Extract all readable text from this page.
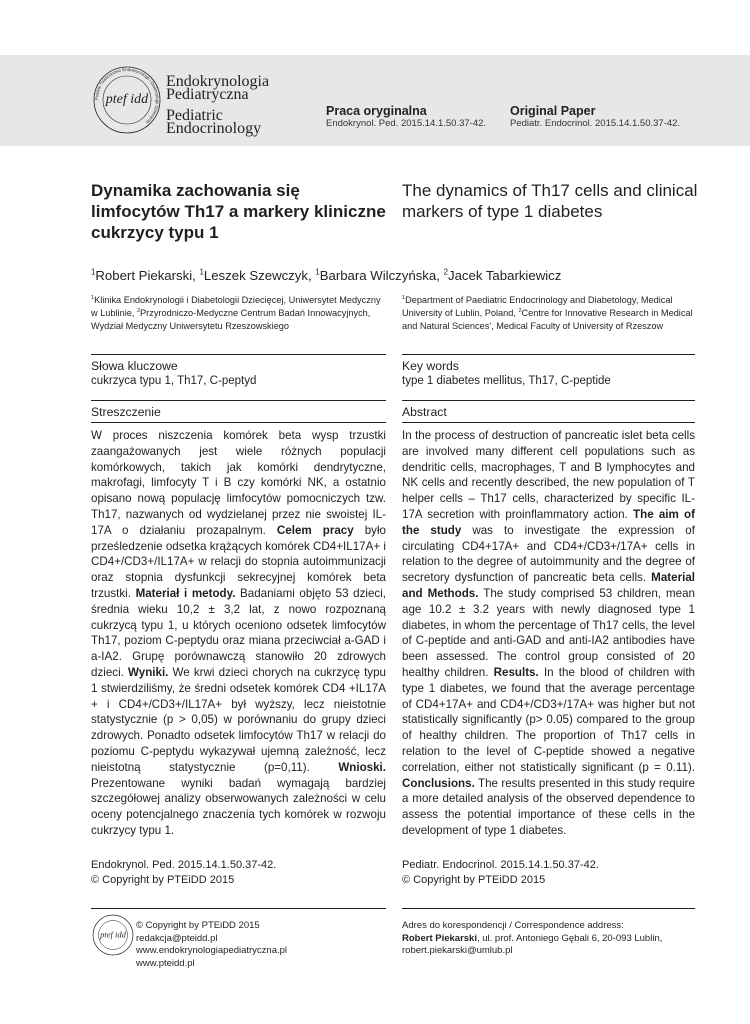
Polskie Towarzystwo Endokrynologii i Diabetologii Dziecięcej
ptef idd
Endokrynologia
Pediatryczna
Pediatric
Endocrinology
Praca oryginalna
Endokrynol. Ped. 2015.14.1.50.37-42.
Original Paper
Pediatr. Endocrinol. 2015.14.1.50.37-42.
Dynamika zachowania się limfocytów Th17 a markery kliniczne cukrzycy typu 1
The dynamics of Th17 cells and clinical markers of type 1 diabetes
$^1$Robert Piekarski, $^1$Leszek Szewczyk, $^1$Barbara Wilczyńska, $^2$Jacek Tabarkiewicz
$^1$Klinika Endokrynologii i Diabetologii Dziecięcej, Uniwersytet Medyczny w Lublinie, $^2$Przyrodniczo-Medyczne Centrum Badań Innowacyjnych, Wydział Medyczny Uniwersytetu Rzeszowskiego
$^1$Department of Paediatric Endocrinology and Diabetology, Medical University of Lublin, Poland, $^2$Centre for Innovative Research in Medical and Natural Sciences', Medical Faculty of University of Rzeszow
Słowa kluczowe
cukrzyca typu 1, Th17, C-peptyd
Key words
type 1 diabetes mellitus, Th17, C-peptide
Streszczenie	Abstract
W proces niszczenia komórek beta wysp trzustki zaangażowanych jest wiele różnych populacji komórkowych, takich jak komórki dendrytyczne, makrofagi, limfocyty T i B czy komórki NK, a ostatnio opisano nową populację limfocytów pomocniczych tzw. Th17, nazwanych od wydzielanej przez nie swoistej IL-17A o działaniu prozapalnym. Celem pracy było prześledzenie odsetka krążących komórek CD4+IL17A+ i CD4+/CD3+/IL17A+ w relacji do stopnia autoimmunizacji oraz stopnia dysfunkcji sekrecyjnej komórek beta trzustki. Materiał i metody. Badaniami objęto 53 dzieci, średnia wieku 10,2 ± 3,2 lat, z nowo rozpoznaną cukrzycą typu 1, u których oceniono odsetek limfocytów Th17, poziom C-peptydu oraz miana przeciwciał a-GAD i a-IA2. Grupę porównawczą stanowiło 20 zdrowych dzieci. Wyniki. We krwi dzieci chorych na cukrzycę typu 1 stwierdziliśmy, że średni odsetek komórek CD4 +IL17A + i CD4+/CD3+/IL17A+ był wyższy, lecz nieistotnie statystycznie (p > 0,05) w porównaniu do grupy dzieci zdrowych. Ponadto odsetek limfocytów Th17 w relacji do poziomu C-peptydu wykazywał ujemną zależność, lecz nieistotną statystycznie (p=0,11). Wnioski. Prezentowane wyniki badań wymagają bardziej szczegółowej analizy obserwowanych zależności w celu oceny potencjalnego znaczenia tych komórek w rozwoju cukrzycy typu 1.
In the process of destruction of pancreatic islet beta cells are involved many different cell populations such as dendritic cells, macrophages, T and B lymphocytes and NK cells and recently described, the new population of T helper cells – Th17 cells, characterized by specific IL-17A secretion with proinflammatory action. The aim of the study was to investigate the expression of circulating CD4+17A+ and CD4+/CD3+/17A+ cells in relation to the degree of autoimmunity and the degree of secretory dysfunction of pancreatic beta cells. Material and Methods. The study comprised 53 children, mean age 10.2 ± 3.2 years with newly diagnosed type 1 diabetes, in whom the percentage of Th17 cells, the level of C-peptide and anti-GAD and anti-IA2 antibodies have been assessed. The control group consisted of 20 healthy children. Results. In the blood of children with type 1 diabetes, we found that the average percentage of CD4+17A+ and CD4+/CD3+/17A+ was higher but not statistically significantly (p> 0.05) compared to the group of healthy children. The proportion of Th17 cells in relation to the level of C-peptide showed a negative correlation, either not statistically significant (p = 0.11). Conclusions. The results presented in this study require a more detailed analysis of the observed dependence to assess the potential importance of these cells in the development of type 1 diabetes.
Endokrynol. Ped. 2015.14.1.50.37-42.
© Copyright by PTEiDD 2015
Pediatr. Endocrinol. 2015.14.1.50.37-42.
© Copyright by PTEiDD 2015
ptef idd
© Copyright by PTEiDD 2015
redakcja@pteidd.pl
www.endokrynologiapediatryczna.pl
www.pteidd.pl
Adres do korespondencji / Correspondence address:
Robert Piekarski, ul. prof. Antoniego Gębali 6, 20-093 Lublin,
robert.piekarski@umlub.pl
